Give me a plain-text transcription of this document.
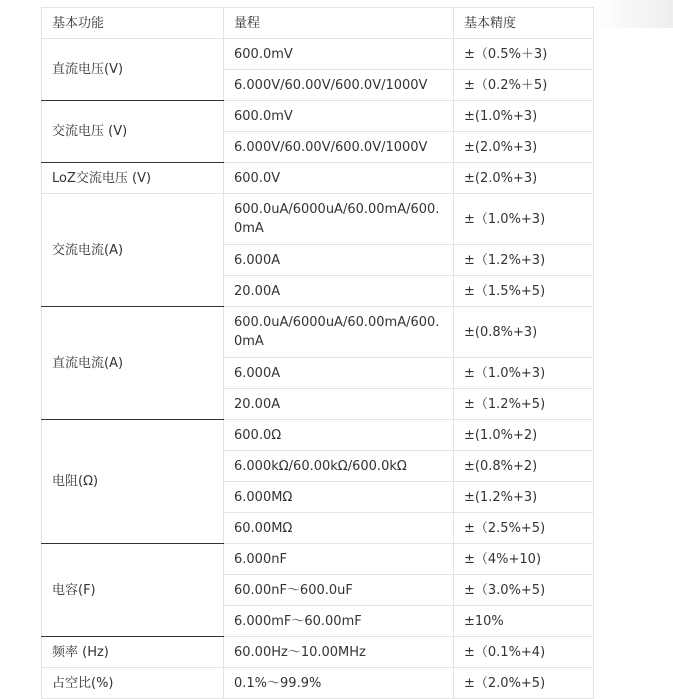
基本功能	量程	基本精度
直流电压(V)	600.0mV	±（0.5%＋3)
	6.000V/60.00V/600.0V/1000V	±（0.2%＋5)
交流电压 (V)	600.0mV	±(1.0%+3)
	6.000V/60.00V/600.0V/1000V	±(2.0%+3)
LoZ交流电压 (V)	600.0V	±(2.0%+3)
交流电流(A)	600.0uA/6000uA/60.00mA/600.0mA	±（1.0%+3)
	6.000A	±（1.2%+3)
	20.00A	±（1.5%+5)
直流电流(A)	600.0uA/6000uA/60.00mA/600.0mA	±(0.8%+3)
	6.000A	±（1.0%+3)
	20.00A	±（1.2%+5)
电阻(Ω)	600.0Ω	±(1.0%+2)
	6.000kΩ/60.00kΩ/600.0kΩ	±(0.8%+2)
	6.000MΩ	±(1.2%+3)
	60.00MΩ	±（2.5%+5)
电容(F)	6.000nF	±（4%+10)
	60.00nF～600.0uF	±（3.0%+5)
	6.000mF～60.00mF	±10%
频率 (Hz)	60.00Hz～10.00MHz	±（0.1%+4)
占空比(%)	0.1%～99.9%	±（2.0%+5)
